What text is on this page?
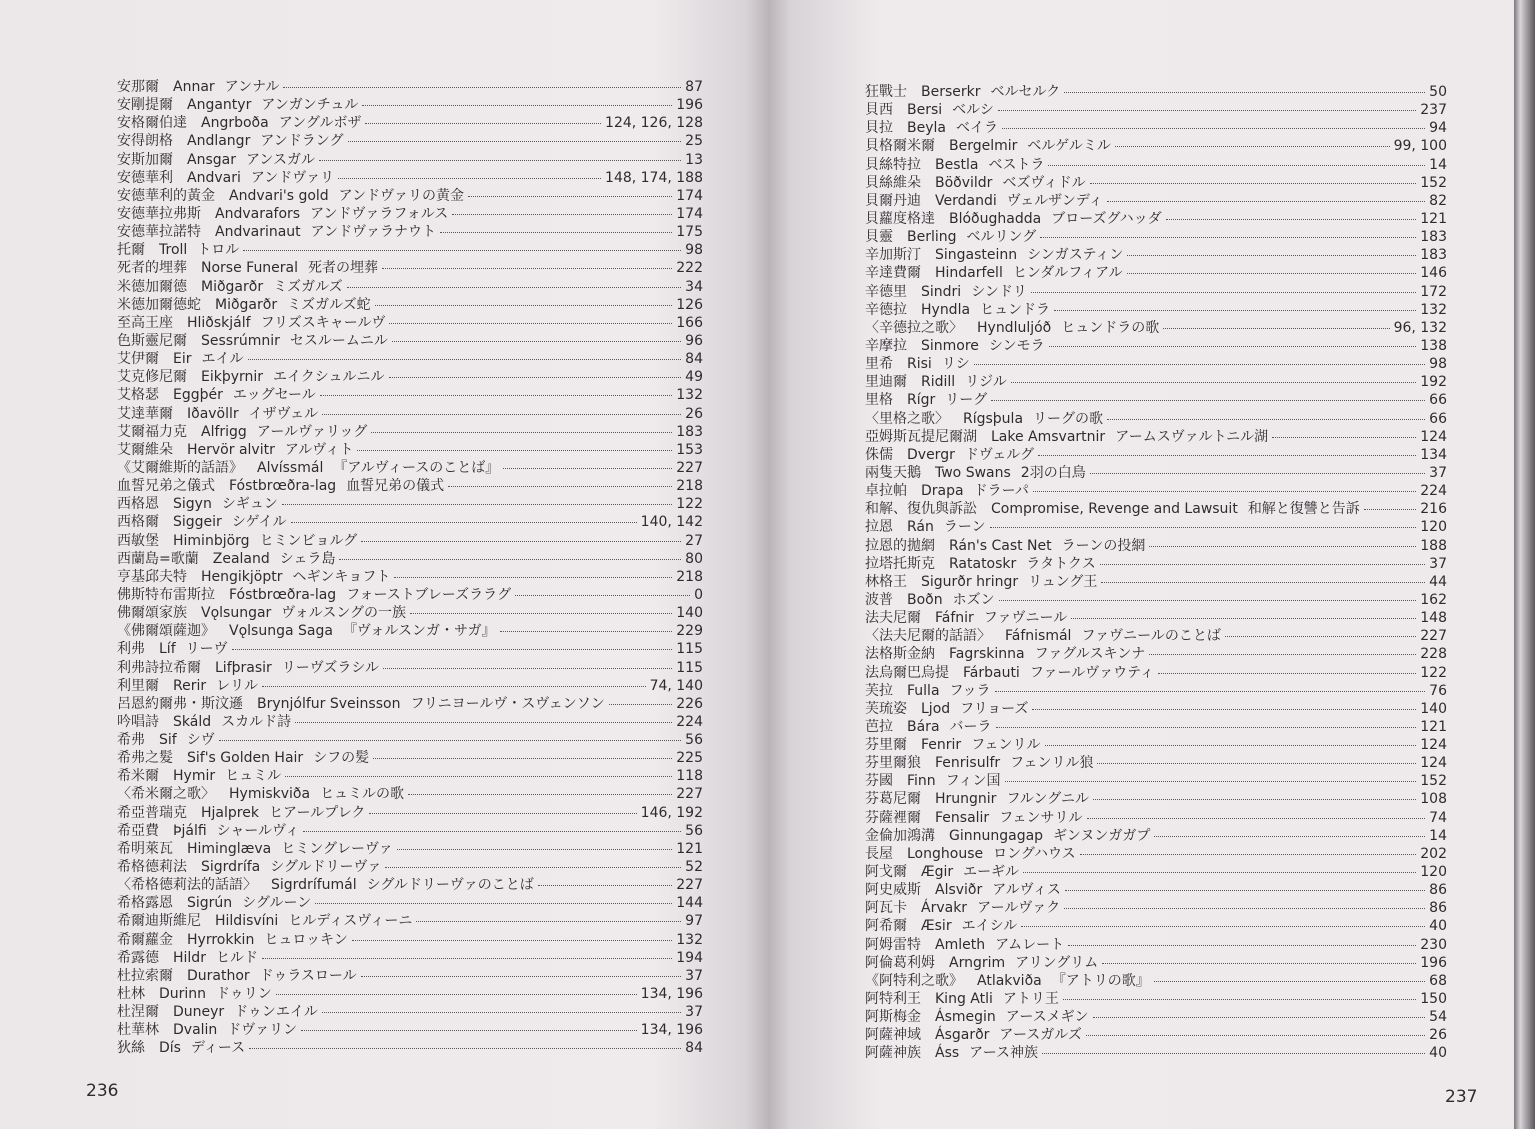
安那爾 Annar アンナル	87
安剛提爾 Angantyr アンガンチュル	196
安格爾伯達 Angrboða アングルボザ	124, 126, 128
安得朗格 Andlangr アンドラング	25
安斯加爾 Ansgar アンスガル	13
安德華利 Andvari アンドヴァリ	148, 174, 188
安德華利的黃金 Andvari's gold アンドヴァリの黄金	174
安德華拉弗斯 Andvarafors アンドヴァラフォルス	174
安德華拉諾特 Andvarinaut アンドヴァラナウト	175
托爾 Troll トロル	98
死者的埋葬 Norse Funeral 死者の埋葬	222
米德加爾德 Miðgarðr ミズガルズ	34
米德加爾德蛇 Miðgarðr ミズガルズ蛇	126
至高王座 Hliðskjálf フリズスキャールヴ	166
色斯靈尼爾 Sessrúmnir セスルームニル	96
艾伊爾 Eir エイル	84
艾克修尼爾 Eikþyrnir エイクシュルニル	49
艾格瑟 Eggþér エッグセール	132
艾達華爾 Iðavöllr イザヴェル	26
艾爾福力克 Alfrigg アールヴァリッグ	183
艾爾維朵 Hervör alvitr アルヴィト	153
《艾爾維斯的話語》 Alvíssmál 『アルヴィースのことば』	227
血誓兄弟之儀式 Fóstbrœðra-lag 血誓兄弟の儀式	218
西格恩 Sigyn シギュン	122
西格爾 Siggeir シゲイル	140, 142
西敏堡 Himinbjörg ヒミンビョルグ	27
西蘭島=歌蘭 Zealand シェラ島	80
亨基邱夫特 Hengikjöptr ヘギンキョフト	218
佛斯特布雷斯拉 Fóstbrœðra-lag フォーストブレーズララグ	0
佛爾頌家族 Vǫlsungar ヴォルスングの一族	140
《佛爾頌薩迦》 Vǫlsunga Saga 『ヴォルスンガ・サガ』	229
利弗 Líf リーヴ	115
利弗詩拉希爾 Lifþrasir リーヴズラシル	115
利里爾 Rerir レリル	74, 140
呂恩約爾弗・斯汶遜 Brynjólfur Sveinsson フリニヨールヴ・スヴェンソン	226
吟唱詩 Skáld スカルド詩	224
希弗 Sif シヴ	56
希弗之髮 Sif's Golden Hair シフの髪	225
希米爾 Hymir ヒュミル	118
〈希米爾之歌〉 Hymiskviða ヒュミルの歌	227
希亞普瑞克 Hjalprek ヒアールプレク	146, 192
希亞費 Þjálfi シャールヴィ	56
希明萊瓦 Himinglæva ヒミングレーヴァ	121
希格德莉法 Sigrdrífa シグルドリーヴァ	52
〈希格德莉法的話語〉 Sigrdrífumál シグルドリーヴァのことば	227
希格露恩 Sigrún シグルーン	144
希爾迪斯維尼 Hildisvíni ヒルディスヴィーニ	97
希爾蘿金 Hyrrokkin ヒュロッキン	132
希露德 Hildr ヒルド	194
杜拉索爾 Durathor ドゥラスロール	37
杜林 Durinn ドゥリン	134, 196
杜涅爾 Duneyr ドゥンエイル	37
杜華林 Dvalin ドヴァリン	134, 196
狄絲 Dís ディース	84
236
狂戰士 Berserkr ベルセルク	50
貝西 Bersi ベルシ	237
貝拉 Beyla ベイラ	94
貝格爾米爾 Bergelmir ベルゲルミル	99, 100
貝絲特拉 Bestla ベストラ	14
貝絲維朵 Böðvildr ベズヴィドル	152
貝爾丹迪 Verdandi ヴェルザンディ	82
貝蘿度格達 Blóðughadda ブローズグハッダ	121
貝靈 Berling ベルリング	183
辛加斯汀 Singasteinn シンガスティン	183
辛達費爾 Hindarfell ヒンダルフィアル	146
辛德里 Sindri シンドリ	172
辛德拉 Hyndla ヒュンドラ	132
〈辛德拉之歌〉 Hyndluljóð ヒュンドラの歌	96, 132
辛摩拉 Sinmore シンモラ	138
里希 Risi リシ	98
里迪爾 Ridill リジル	192
里格 Rígr リーグ	66
〈里格之歌〉 Rígsþula リーグの歌	66
亞姆斯瓦提尼爾湖 Lake Amsvartnir アームスヴァルトニル湖	124
侏儒 Dvergr ドヴェルグ	134
兩隻天鵝 Two Swans 2羽の白鳥	37
卓拉帕 Drapa ドラーパ	224
和解、復仇與訴訟 Compromise, Revenge and Lawsuit 和解と復讐と告訴	216
拉恩 Rán ラーン	120
拉恩的拋網 Rán's Cast Net ラーンの投網	188
拉塔托斯克 Ratatoskr ラタトクス	37
林格王 Sigurðr hringr リュング王	44
波普 Boðn ホズン	162
法夫尼爾 Fáfnir ファヴニール	148
〈法夫尼爾的話語〉 Fáfnismál ファヴニールのことば	227
法格斯金納 Fagrskinna ファグルスキンナ	228
法烏爾巴烏提 Fárbauti ファールヴァウティ	122
芙拉 Fulla フッラ	76
芙琉姿 Ljod フリョーズ	140
芭拉 Bára バーラ	121
芬里爾 Fenrir フェンリル	124
芬里爾狼 Fenrisulfr フェンリル狼	124
芬國 Finn フィン国	152
芬葛尼爾 Hrungnir フルングニル	108
芬薩裡爾 Fensalir フェンサリル	74
金倫加鴻溝 Ginnungagap ギンヌンガガプ	14
長屋 Longhouse ロングハウス	202
阿戈爾 Ægir エーギル	120
阿史威斯 Alsviðr アルヴィス	86
阿瓦卡 Árvakr アールヴァク	86
阿希爾 Æsir エイシル	40
阿姆雷特 Amleth アムレート	230
阿倫葛利姆 Arngrim アリングリム	196
《阿特利之歌》 Atlakviða 『アトリの歌』	68
阿特利王 King Atli アトリ王	150
阿斯梅金 Ásmegin アースメギン	54
阿薩神域 Ásgarðr アースガルズ	26
阿薩神族 Áss アース神族	40
237
